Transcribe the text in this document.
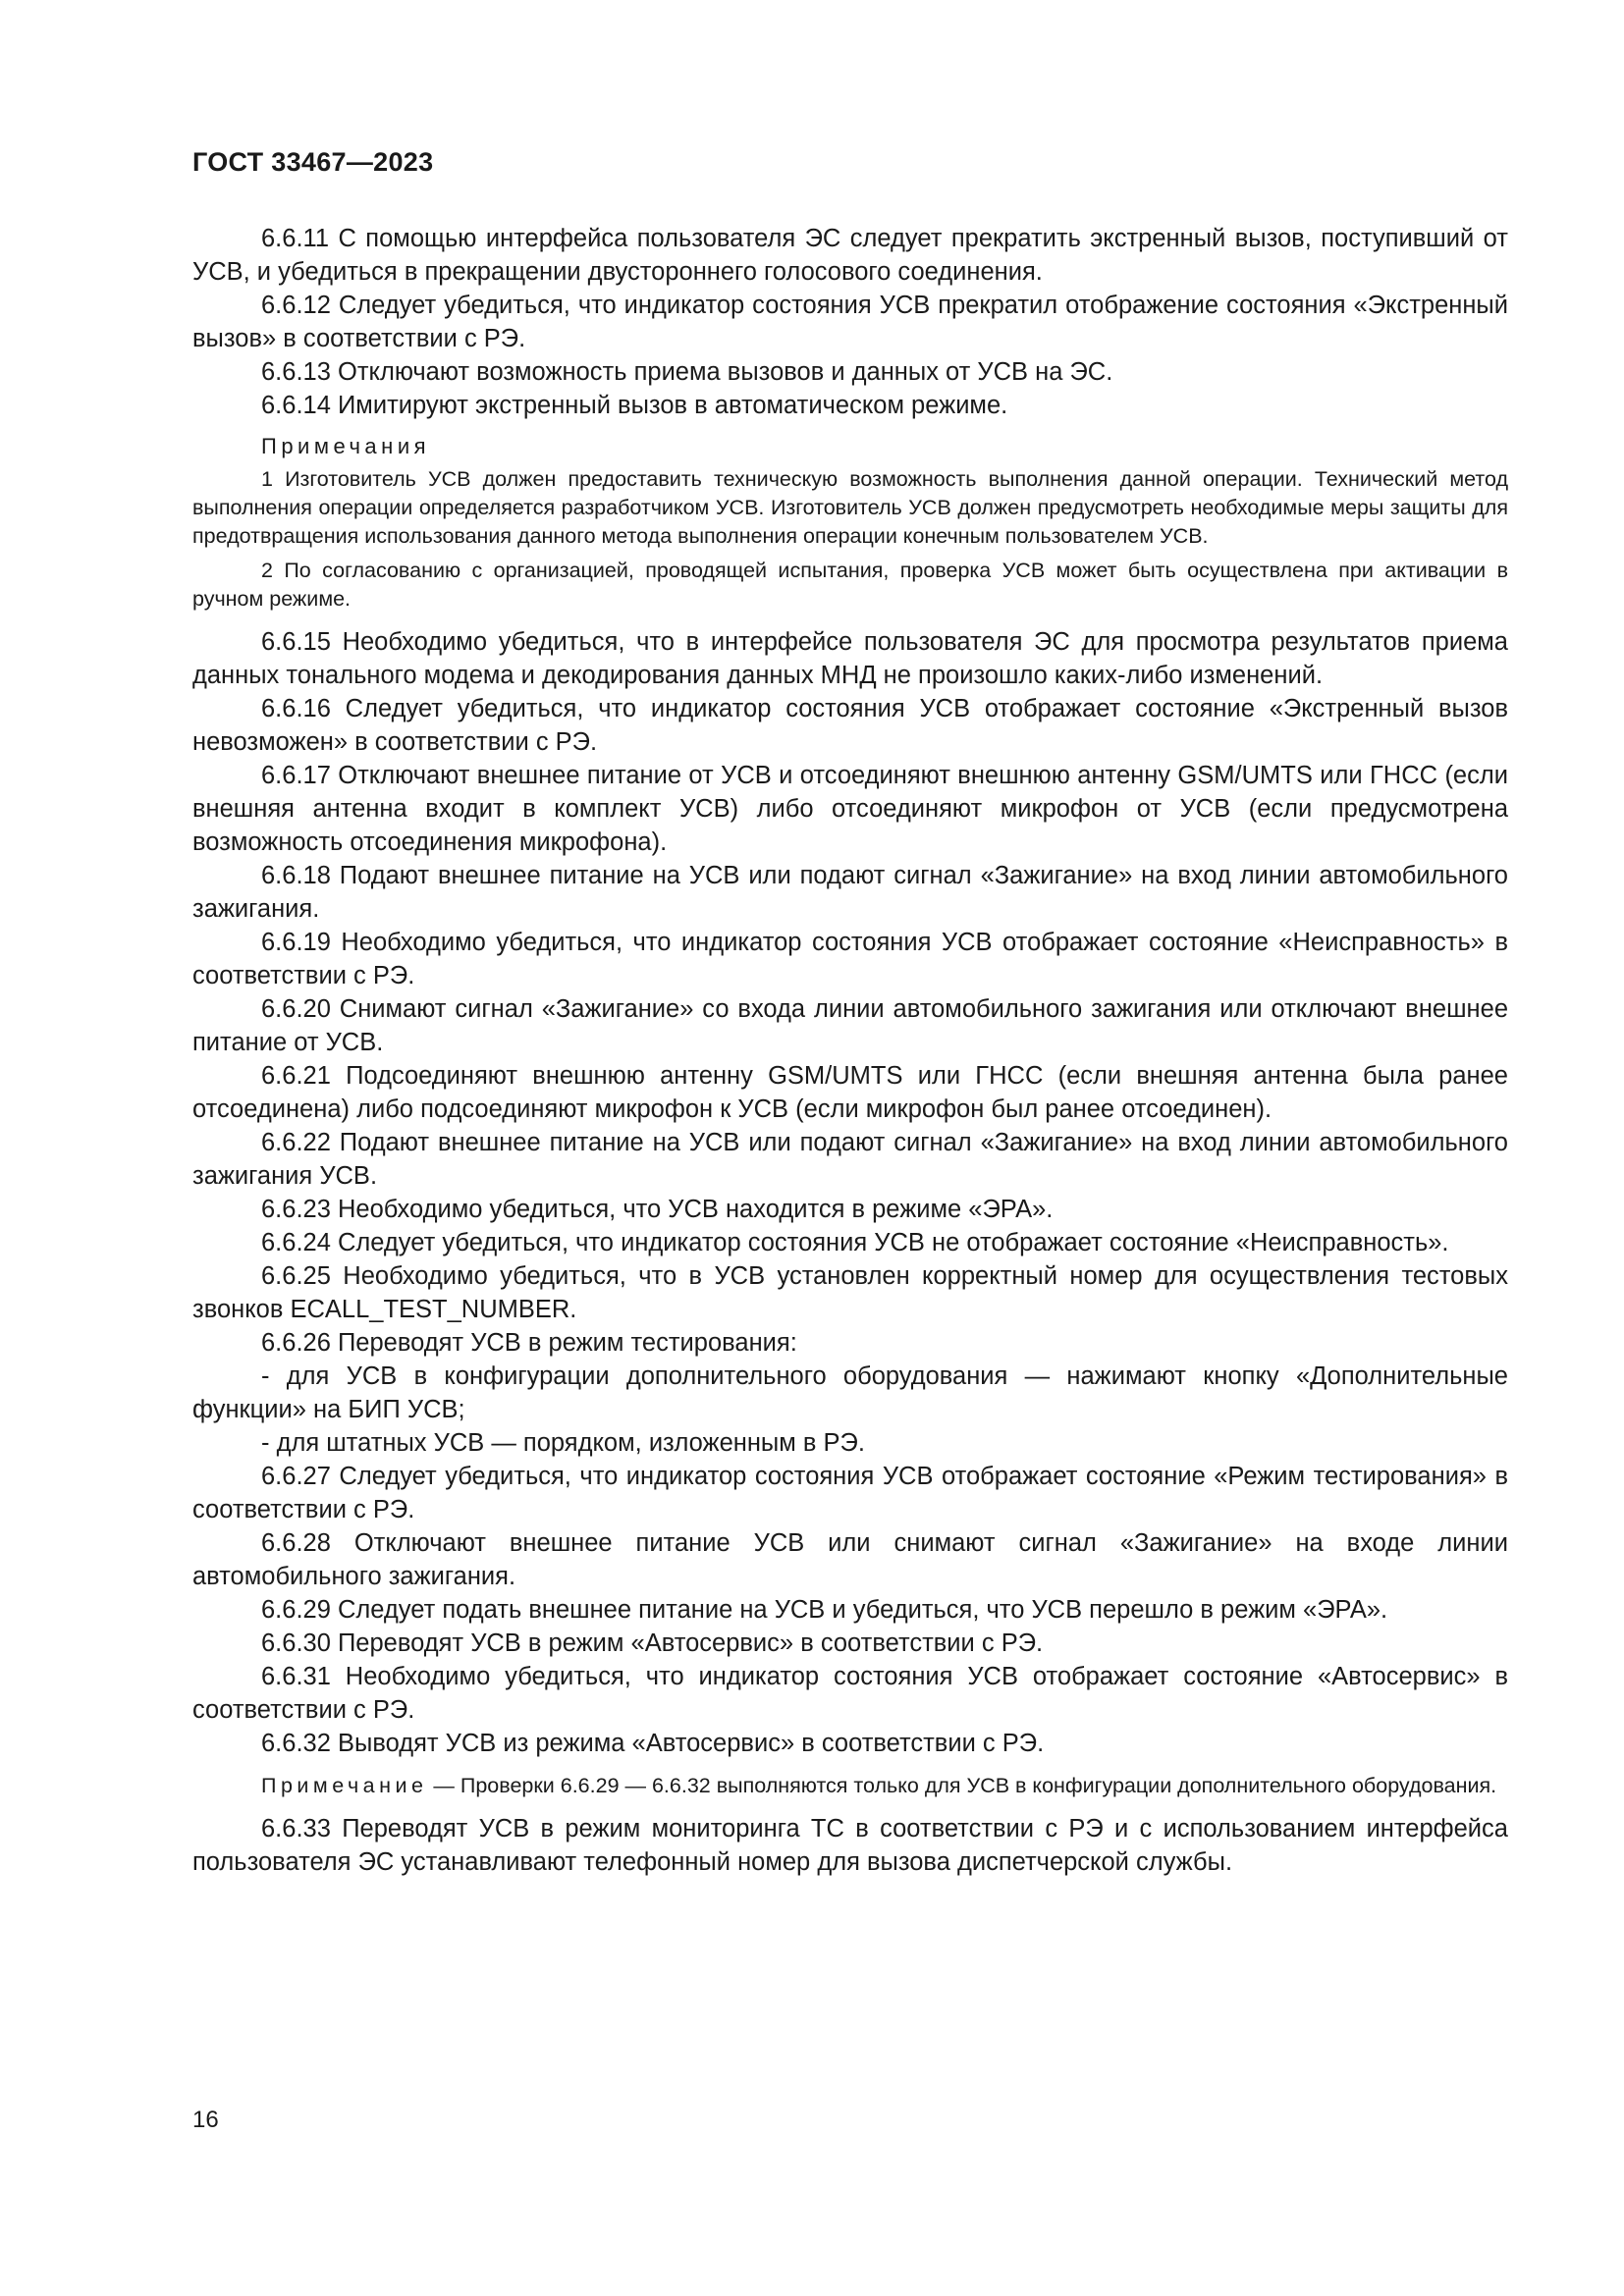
ГОСТ 33467—2023

6.6.11 С помощью интерфейса пользователя ЭС следует прекратить экстренный вызов, поступивший от УСВ, и убедиться в прекращении двустороннего голосового соединения.

6.6.12 Следует убедиться, что индикатор состояния УСВ прекратил отображение состояния «Экстренный вызов» в соответствии с РЭ.

6.6.13 Отключают возможность приема вызовов и данных от УСВ на ЭС.

6.6.14 Имитируют экстренный вызов в автоматическом режиме.

Примечания

1 Изготовитель УСВ должен предоставить техническую возможность выполнения данной операции. Технический метод выполнения операции определяется разработчиком УСВ. Изготовитель УСВ должен предусмотреть необходимые меры защиты для предотвращения использования данного метода выполнения операции конечным пользователем УСВ.

2 По согласованию с организацией, проводящей испытания, проверка УСВ может быть осуществлена при активации в ручном режиме.

6.6.15 Необходимо убедиться, что в интерфейсе пользователя ЭС для просмотра результатов приема данных тонального модема и декодирования данных МНД не произошло каких-либо изменений.

6.6.16 Следует убедиться, что индикатор состояния УСВ отображает состояние «Экстренный вызов невозможен» в соответствии с РЭ.

6.6.17 Отключают внешнее питание от УСВ и отсоединяют внешнюю антенну GSM/UMTS или ГНСС (если внешняя антенна входит в комплект УСВ) либо отсоединяют микрофон от УСВ (если предусмотрена возможность отсоединения микрофона).

6.6.18 Подают внешнее питание на УСВ или подают сигнал «Зажигание» на вход линии автомобильного зажигания.

6.6.19 Необходимо убедиться, что индикатор состояния УСВ отображает состояние «Неисправность» в соответствии с РЭ.

6.6.20 Снимают сигнал «Зажигание» со входа линии автомобильного зажигания или отключают внешнее питание от УСВ.

6.6.21 Подсоединяют внешнюю антенну GSM/UMTS или ГНСС (если внешняя антенна была ранее отсоединена) либо подсоединяют микрофон к УСВ (если микрофон был ранее отсоединен).

6.6.22 Подают внешнее питание на УСВ или подают сигнал «Зажигание» на вход линии автомобильного зажигания УСВ.

6.6.23 Необходимо убедиться, что УСВ находится в режиме «ЭРА».

6.6.24 Следует убедиться, что индикатор состояния УСВ не отображает состояние «Неисправность».

6.6.25 Необходимо убедиться, что в УСВ установлен корректный номер для осуществления тестовых звонков ECALL_TEST_NUMBER.

6.6.26 Переводят УСВ в режим тестирования:

- для УСВ в конфигурации дополнительного оборудования — нажимают кнопку «Дополнительные функции» на БИП УСВ;

- для штатных УСВ — порядком, изложенным в РЭ.

6.6.27 Следует убедиться, что индикатор состояния УСВ отображает состояние «Режим тестирования» в соответствии с РЭ.

6.6.28 Отключают внешнее питание УСВ или снимают сигнал «Зажигание» на входе линии автомобильного зажигания.

6.6.29 Следует подать внешнее питание на УСВ и убедиться, что УСВ перешло в режим «ЭРА».

6.6.30 Переводят УСВ в режим «Автосервис» в соответствии с РЭ.

6.6.31 Необходимо убедиться, что индикатор состояния УСВ отображает состояние «Автосервис» в соответствии с РЭ.

6.6.32 Выводят УСВ из режима «Автосервис» в соответствии с РЭ.

Примечание — Проверки 6.6.29 — 6.6.32 выполняются только для УСВ в конфигурации дополнительного оборудования.

6.6.33 Переводят УСВ в режим мониторинга ТС в соответствии с РЭ и с использованием интерфейса пользователя ЭС устанавливают телефонный номер для вызова диспетчерской службы.

16
